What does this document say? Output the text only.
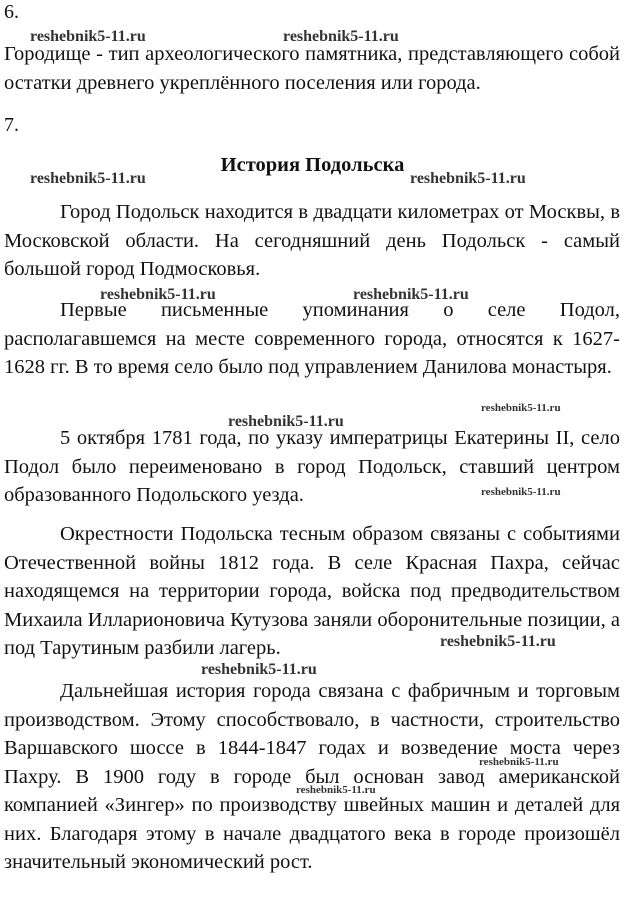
6.

Городище - тип археологического памятника, представляющего собой остатки древнего укреплённого поселения или города.

7.
История Подольска

Город Подольск находится в двадцати километрах от Москвы, в Московской области. На сегодняшний день Подольск - самый большой город Подмосковья.

Первые письменные упоминания о селе Подол, располагавшемся на месте современного города, относятся к 1627-1628 гг. В то время село было под управлением Данилова монастыря.

5 октября 1781 года, по указу императрицы Екатерины II, село Подол было переименовано в город Подольск, ставший центром образованного Подольского уезда.

Окрестности Подольска тесным образом связаны с событиями Отечественной войны 1812 года. В селе Красная Пахра, сейчас находящемся на территории города, войска под предводительством Михаила Илларионовича Кутузова заняли оборонительные позиции, а под Тарутиным разбили лагерь.

Дальнейшая история города связана с фабричным и торговым производством. Этому способствовало, в частности, строительство Варшавского шоссе в 1844-1847 годах и возведение моста через Пахру. В 1900 году в городе был основан завод американской компанией «Зингер» по производству швейных машин и деталей для них. Благодаря этому в начале двадцатого века в городе произошёл значительный экономический рост.

reshebnik5-11.ru	reshebnik5-11.ru
reshebnik5-11.ru	reshebnik5-11.ru
reshebnik5-11.ru	reshebnik5-11.ru
reshebnik5-11.ru
reshebnik5-11.ru
reshebnik5-11.ru
reshebnik5-11.ru
reshebnik5-11.ru
reshebnik5-11.ru
reshebnik5-11.ru
